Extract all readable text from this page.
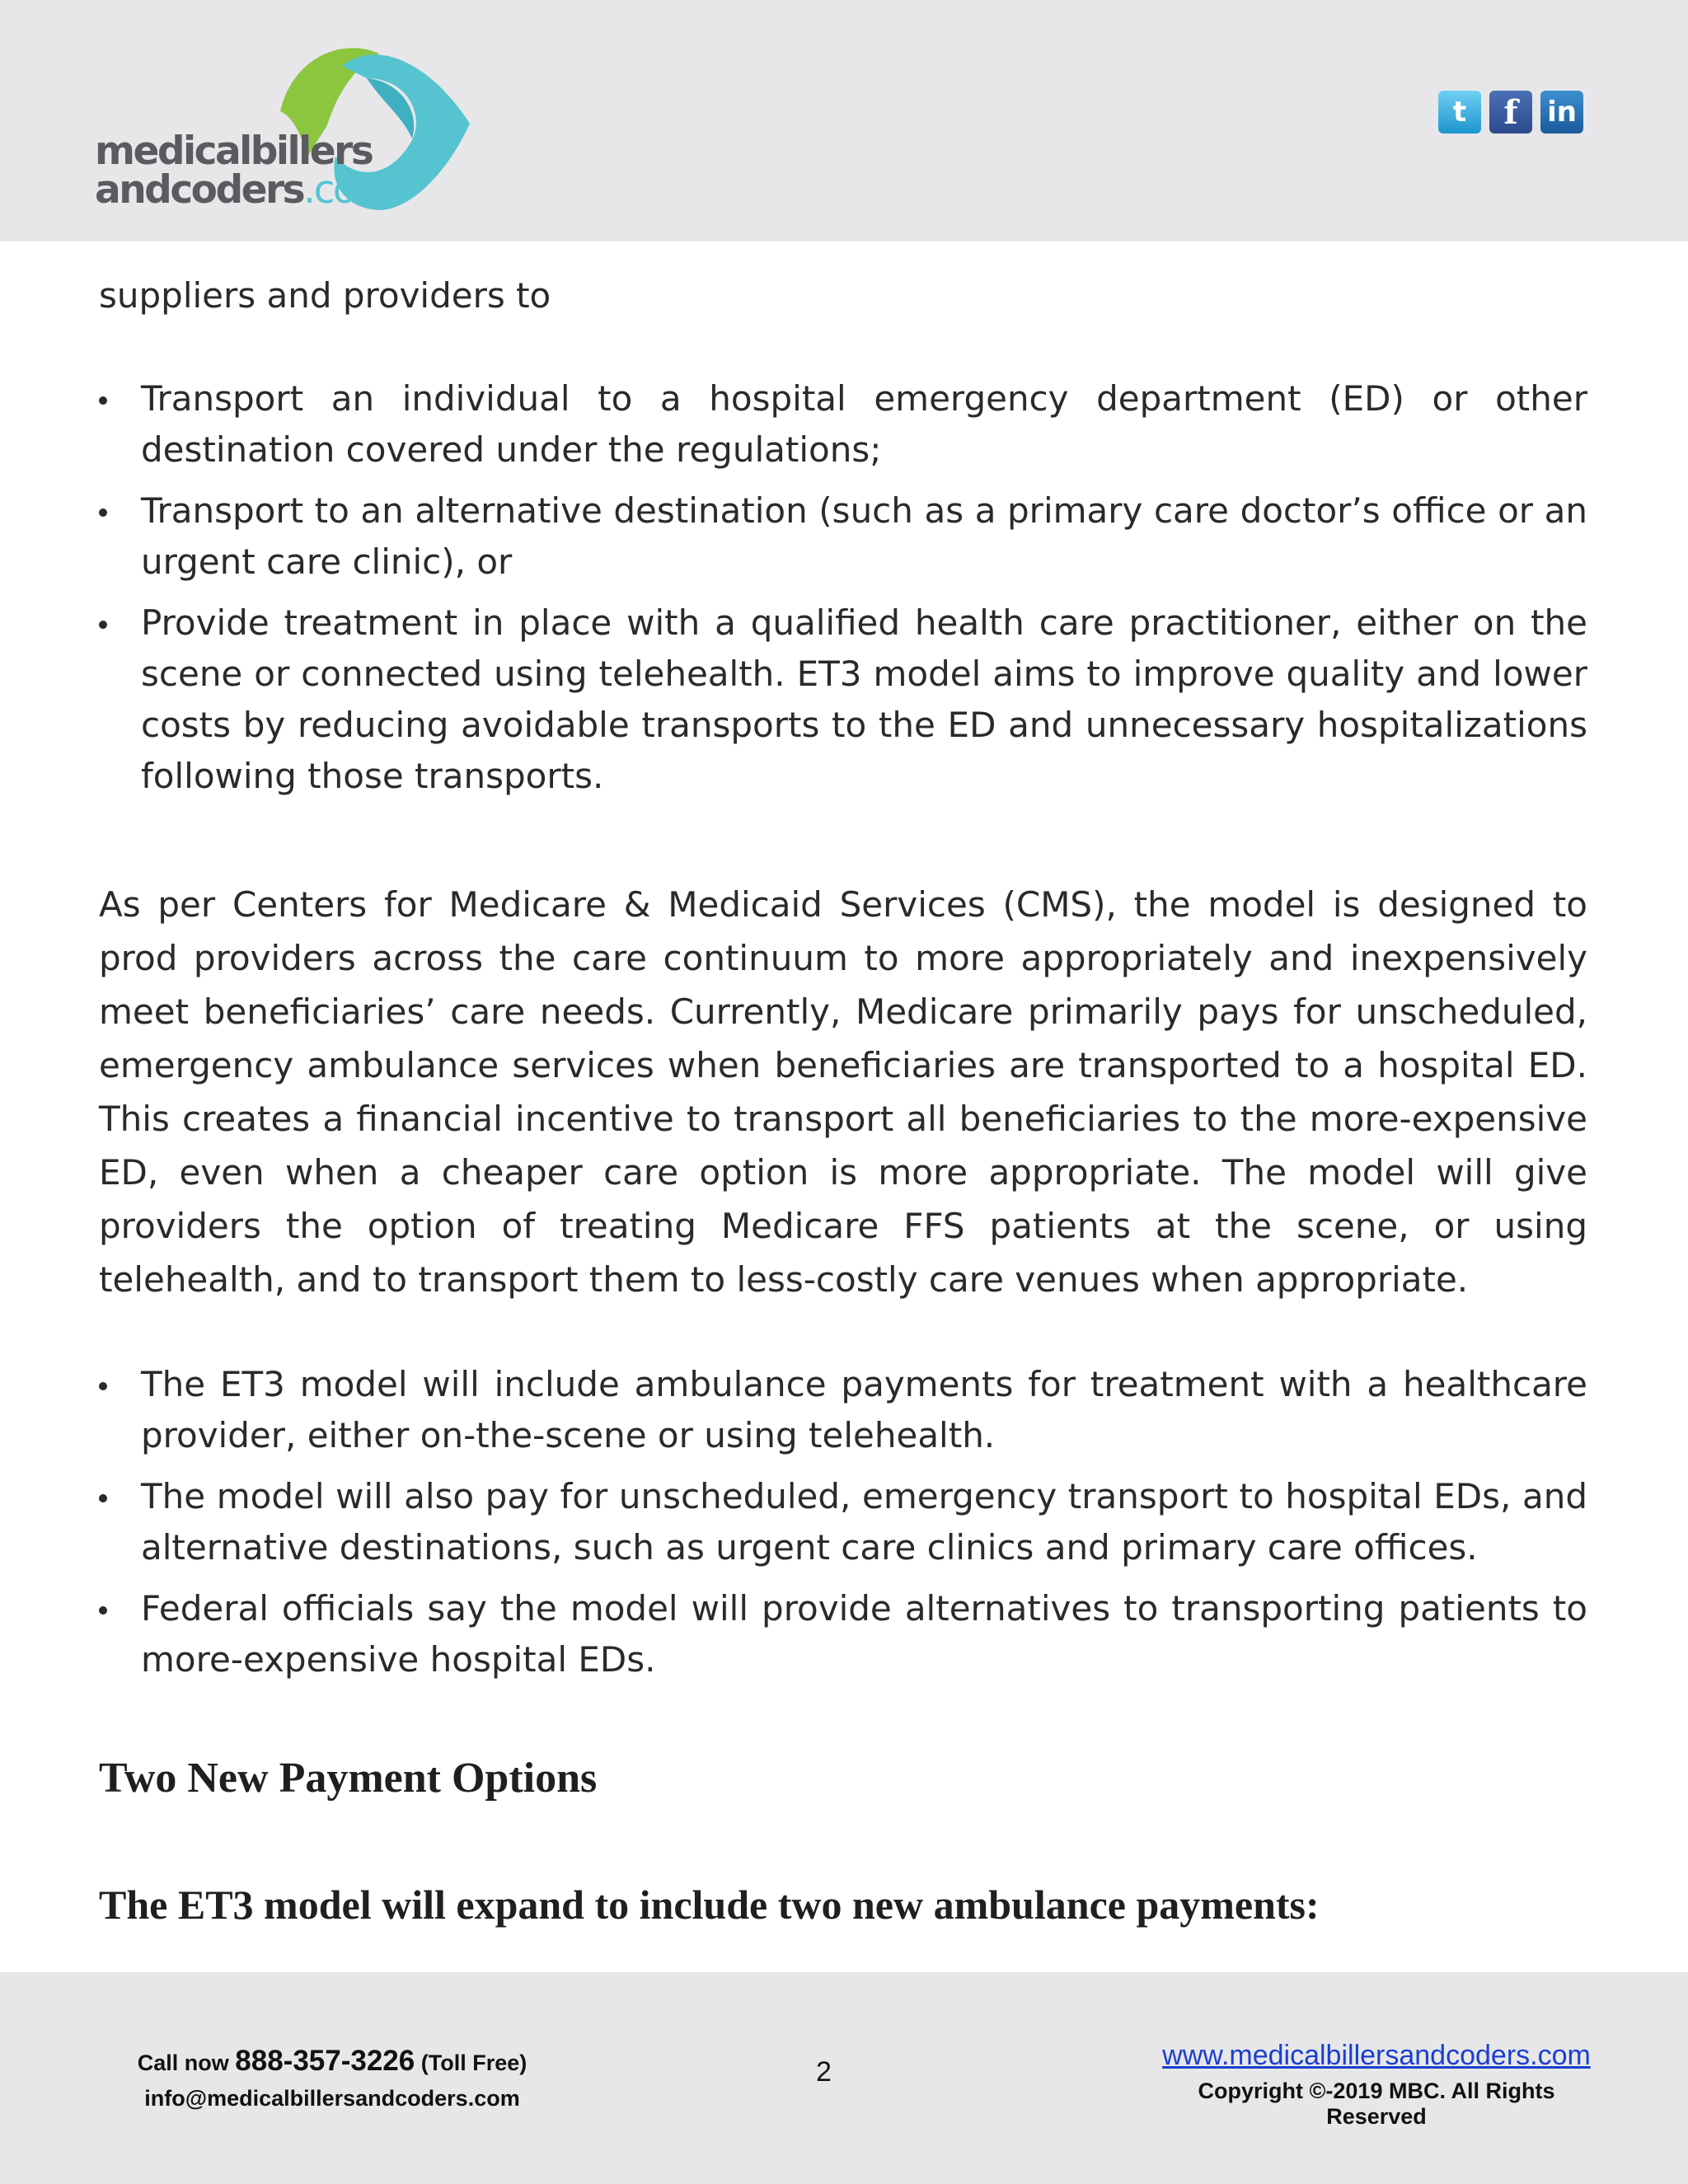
medicalbillers
andcoders.com
t f in

suppliers and providers to

Transport an individual to a hospital emergency department (ED) or other destination covered under the regulations;
Transport to an alternative destination (such as a primary care doctor’s office or an urgent care clinic), or
Provide treatment in place with a qualified health care practitioner, either on the scene or connected using telehealth. ET3 model aims to improve quality and lower costs by reducing avoidable transports to the ED and unnecessary hospitalizations following those transports.

As per Centers for Medicare & Medicaid Services (CMS), the model is designed to prod providers across the care continuum to more appropriately and inexpensively meet beneficiaries’ care needs. Currently, Medicare primarily pays for unscheduled, emergency ambulance services when beneficiaries are transported to a hospital ED. This creates a financial incentive to transport all beneficiaries to the more-expensive ED, even when a cheaper care option is more appropriate. The model will give providers the option of treating Medicare FFS patients at the scene, or using telehealth, and to transport them to less-costly care venues when appropriate.

The ET3 model will include ambulance payments for treatment with a healthcare provider, either on-the-scene or using telehealth.
The model will also pay for unscheduled, emergency transport to hospital EDs, and alternative destinations, such as urgent care clinics and primary care offices.
Federal officials say the model will provide alternatives to transporting patients to more-expensive hospital EDs.
Two New Payment Options
The ET3 model will expand to include two new ambulance payments:
Call now 888-357-3226 (Toll Free)
info@medicalbillersandcoders.com
2
www.medicalbillersandcoders.com
Copyright ©-2019 MBC. All Rights Reserved
